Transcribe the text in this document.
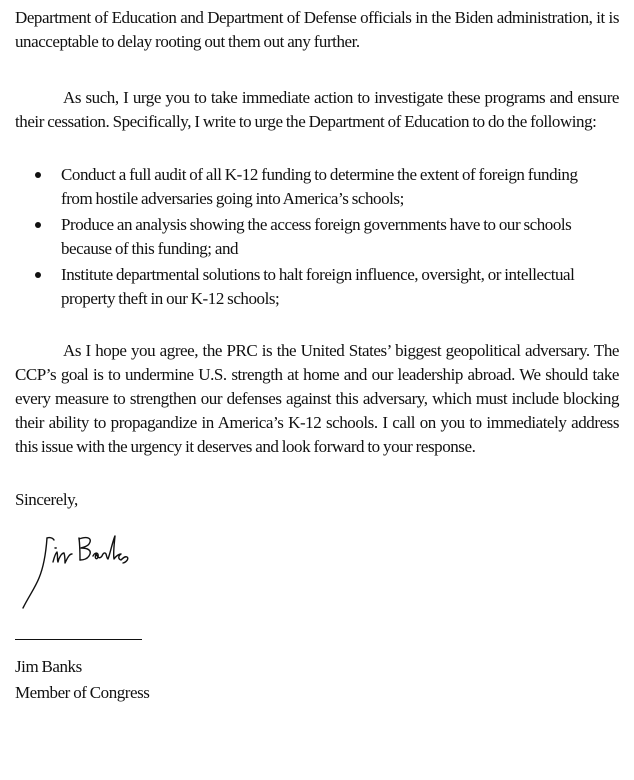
Department of Education and Department of Defense officials in the Biden administration, it is unacceptable to delay rooting out them out any further.

As such, I urge you to take immediate action to investigate these programs and ensure their cessation. Specifically, I write to urge the Department of Education to do the following:

Conduct a full audit of all K-12 funding to determine the extent of foreign funding from hostile adversaries going into America’s schools;
Produce an analysis showing the access foreign governments have to our schools because of this funding; and
Institute departmental solutions to halt foreign influence, oversight, or intellectual property theft in our K-12 schools;

As I hope you agree, the PRC is the United States’ biggest geopolitical adversary. The CCP’s goal is to undermine U.S. strength at home and our leadership abroad. We should take every measure to strengthen our defenses against this adversary, which must include blocking their ability to propagandize in America’s K-12 schools. I call on you to immediately address this issue with the urgency it deserves and look forward to your response.

Sincerely,

Jim Banks

Member of Congress
